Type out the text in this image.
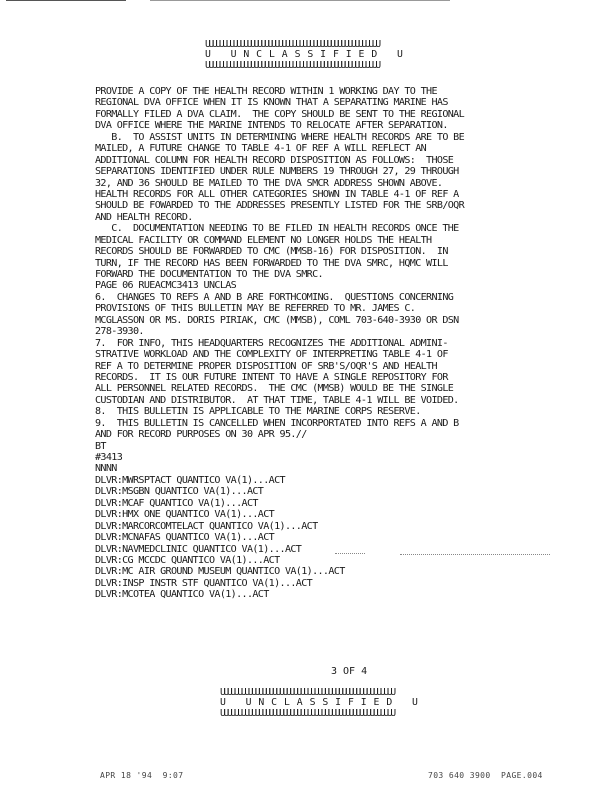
UUUUUUUUUUUUUUUUUUUUUUUUUUUUUUUUUUUUUUUUUUUUUUUUUU
U   U N C L A S S I F I E D   U
UUUUUUUUUUUUUUUUUUUUUUUUUUUUUUUUUUUUUUUUUUUUUUUUUU
PROVIDE A COPY OF THE HEALTH RECORD WITHIN 1 WORKING DAY TO THE
REGIONAL DVA OFFICE WHEN IT IS KNOWN THAT A SEPARATING MARINE HAS
FORMALLY FILED A DVA CLAIM.  THE COPY SHOULD BE SENT TO THE REGIONAL
DVA OFFICE WHERE THE MARINE INTENDS TO RELOCATE AFTER SEPARATION.
B.  TO ASSIST UNITS IN DETERMINING WHERE HEALTH RECORDS ARE TO BE
MAILED, A FUTURE CHANGE TO TABLE 4-1 OF REF A WILL REFLECT AN
ADDITIONAL COLUMN FOR HEALTH RECORD DISPOSITION AS FOLLOWS:  THOSE
SEPARATIONS IDENTIFIED UNDER RULE NUMBERS 19 THROUGH 27, 29 THROUGH
32, AND 36 SHOULD BE MAILED TO THE DVA SMCR ADDRESS SHOWN ABOVE.
HEALTH RECORDS FOR ALL OTHER CATEGORIES SHOWN IN TABLE 4-1 OF REF A
SHOULD BE FOWARDED TO THE ADDRESSES PRESENTLY LISTED FOR THE SRB/OQR
AND HEALTH RECORD.
C.  DOCUMENTATION NEEDING TO BE FILED IN HEALTH RECORDS ONCE THE
MEDICAL FACILITY OR COMMAND ELEMENT NO LONGER HOLDS THE HEALTH
RECORDS SHOULD BE FORWARDED TO CMC (MMSB-16) FOR DISPOSITION.  IN
TURN, IF THE RECORD HAS BEEN FORWARDED TO THE DVA SMRC, HQMC WILL
FORWARD THE DOCUMENTATION TO THE DVA SMRC.
PAGE 06 RUEACMC3413 UNCLAS
6.  CHANGES TO REFS A AND B ARE FORTHCOMING.  QUESTIONS CONCERNING
PROVISIONS OF THIS BULLETIN MAY BE REFERRED TO MR. JAMES C.
MCGLASSON OR MS. DORIS PIRIAK, CMC (MMSB), COML 703-640-3930 OR DSN
278-3930.
7.  FOR INFO, THIS HEADQUARTERS RECOGNIZES THE ADDITIONAL ADMINI-
STRATIVE WORKLOAD AND THE COMPLEXITY OF INTERPRETING TABLE 4-1 OF
REF A TO DETERMINE PROPER DISPOSITION OF SRB'S/OQR'S AND HEALTH
RECORDS.  IT IS OUR FUTURE INTENT TO HAVE A SINGLE REPOSITORY FOR
ALL PERSONNEL RELATED RECORDS.  THE CMC (MMSB) WOULD BE THE SINGLE
CUSTODIAN AND DISTRIBUTOR.  AT THAT TIME, TABLE 4-1 WILL BE VOIDED.
8.  THIS BULLETIN IS APPLICABLE TO THE MARINE CORPS RESERVE.
9.  THIS BULLETIN IS CANCELLED WHEN INCORPORTATED INTO REFS A AND B
AND FOR RECORD PURPOSES ON 30 APR 95.//
BT
#3413
NNNN
DLVR:MWRSPTACT QUANTICO VA(1)...ACT
DLVR:MSGBN QUANTICO VA(1)...ACT
DLVR:MCAF QUANTICO VA(1)...ACT
DLVR:HMX ONE QUANTICO VA(1)...ACT
DLVR:MARCORCOMTELACT QUANTICO VA(1)...ACT
DLVR:MCNAFAS QUANTICO VA(1)...ACT
DLVR:NAVMEDCLINIC QUANTICO VA(1)...ACT
DLVR:CG MCCDC QUANTICO VA(1)...ACT
DLVR:MC AIR GROUND MUSEUM QUANTICO VA(1)...ACT
DLVR:INSP INSTR STF QUANTICO VA(1)...ACT
DLVR:MCOTEA QUANTICO VA(1)...ACT
3 OF 4
UUUUUUUUUUUUUUUUUUUUUUUUUUUUUUUUUUUUUUUUUUUUUUUUUU
U   U N C L A S S I F I E D   U
UUUUUUUUUUUUUUUUUUUUUUUUUUUUUUUUUUUUUUUUUUUUUUUUUU
APR 18 '94  9:07	703 640 3900  PAGE.004
